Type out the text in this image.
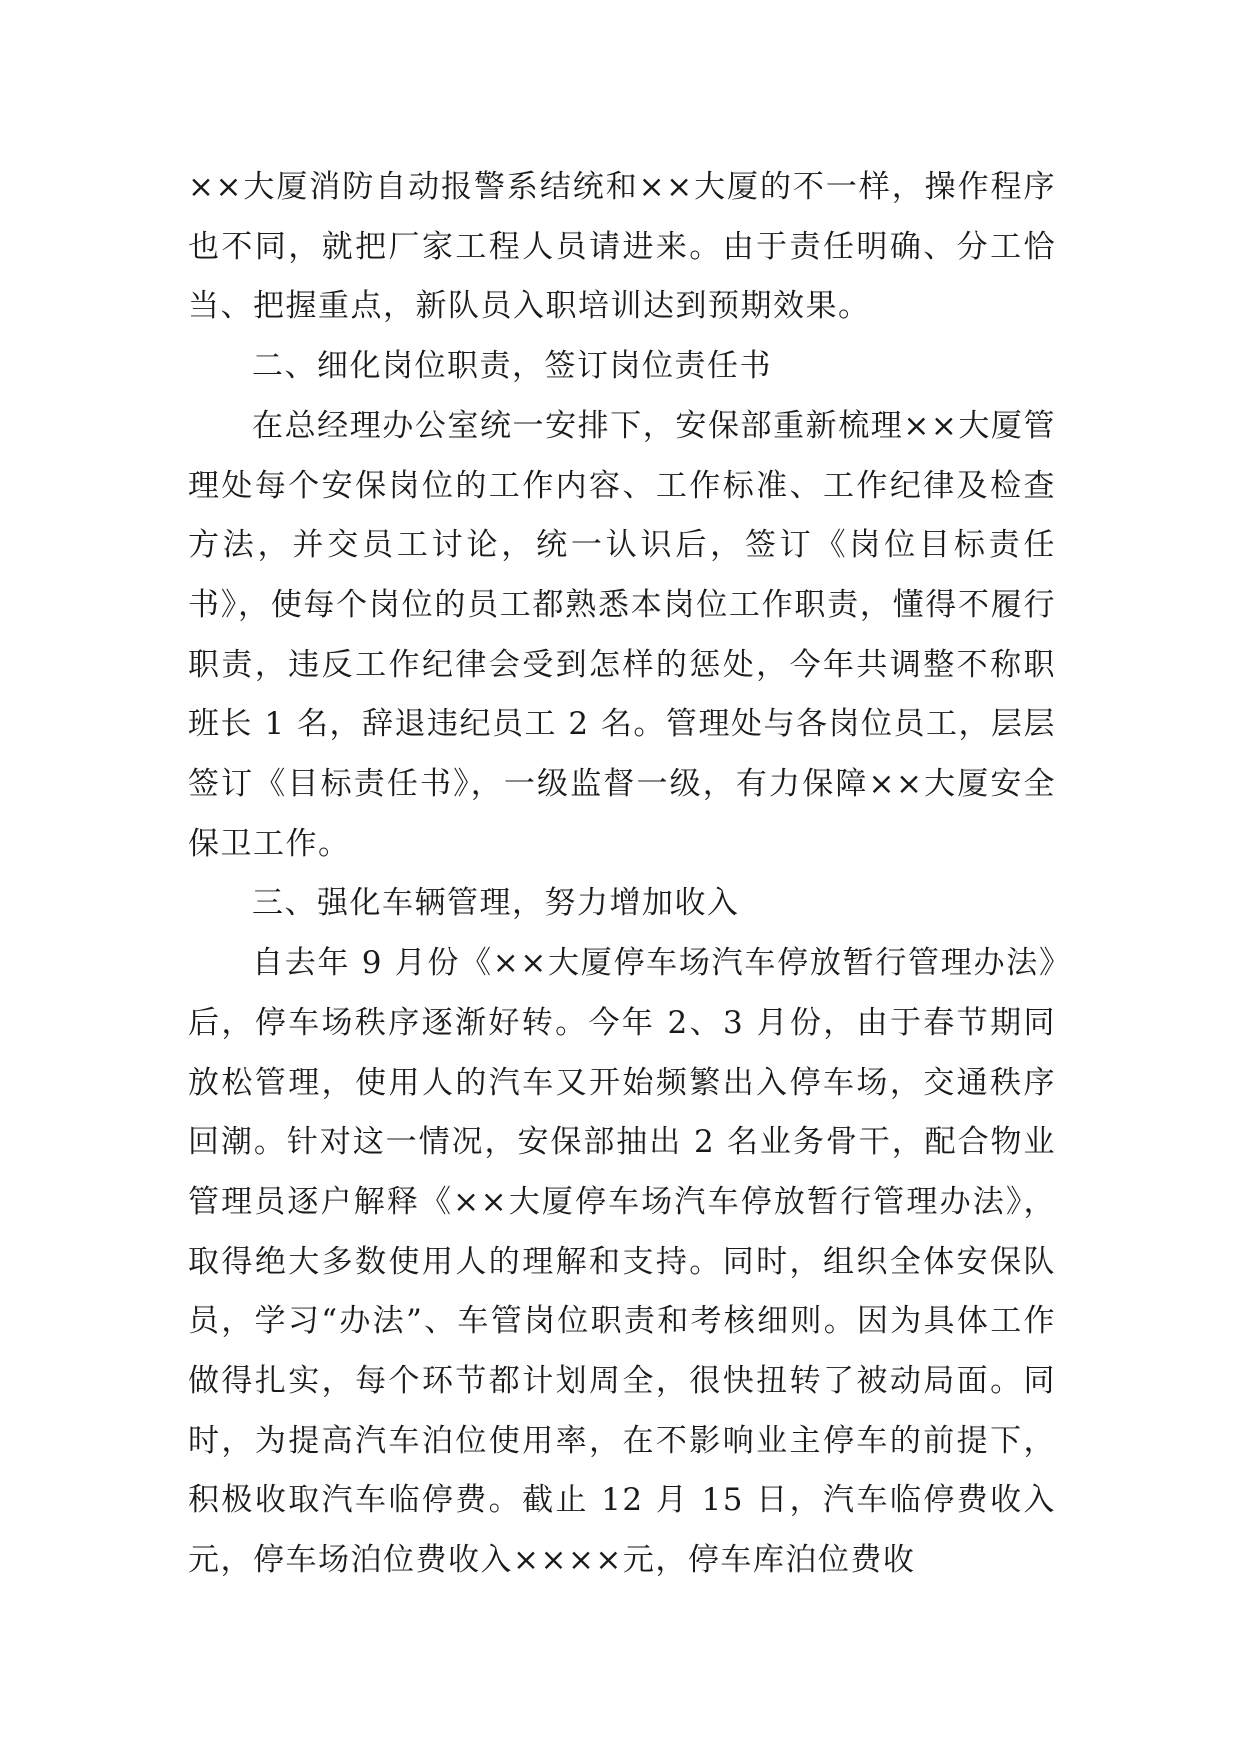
××大厦消防自动报警系结统和××大厦的不一样，操作程序也不同，就把厂家工程人员请进来。由于责任明确、分工恰当、把握重点，新队员入职培训达到预期效果。

二、细化岗位职责，签订岗位责任书

在总经理办公室统一安排下，安保部重新梳理××大厦管理处每个安保岗位的工作内容、工作标准、工作纪律及检查方法，并交员工讨论，统一认识后，签订《岗位目标责任书》，使每个岗位的员工都熟悉本岗位工作职责，懂得不履行职责，违反工作纪律会受到怎样的惩处，今年共调整不称职班长 1 名，辞退违纪员工 2 名。管理处与各岗位员工，层层签订《目标责任书》，一级监督一级，有力保障××大厦安全保卫工作。

三、强化车辆管理，努力增加收入

自去年 9 月份《××大厦停车场汽车停放暂行管理办法》后，停车场秩序逐渐好转。今年 2、3 月份，由于春节期同放松管理，使用人的汽车又开始频繁出入停车场，交通秩序回潮。针对这一情况，安保部抽出 2 名业务骨干，配合物业管理员逐户解释《××大厦停车场汽车停放暂行管理办法》，取得绝大多数使用人的理解和支持。同时，组织全体安保队员，学习“办法”、车管岗位职责和考核细则。因为具体工作做得扎实，每个环节都计划周全，很快扭转了被动局面。同时，为提高汽车泊位使用率，在不影响业主停车的前提下，积极收取汽车临停费。截止 12 月 15 日，汽车临停费收入元，停车场泊位费收入××××元，停车库泊位费收
